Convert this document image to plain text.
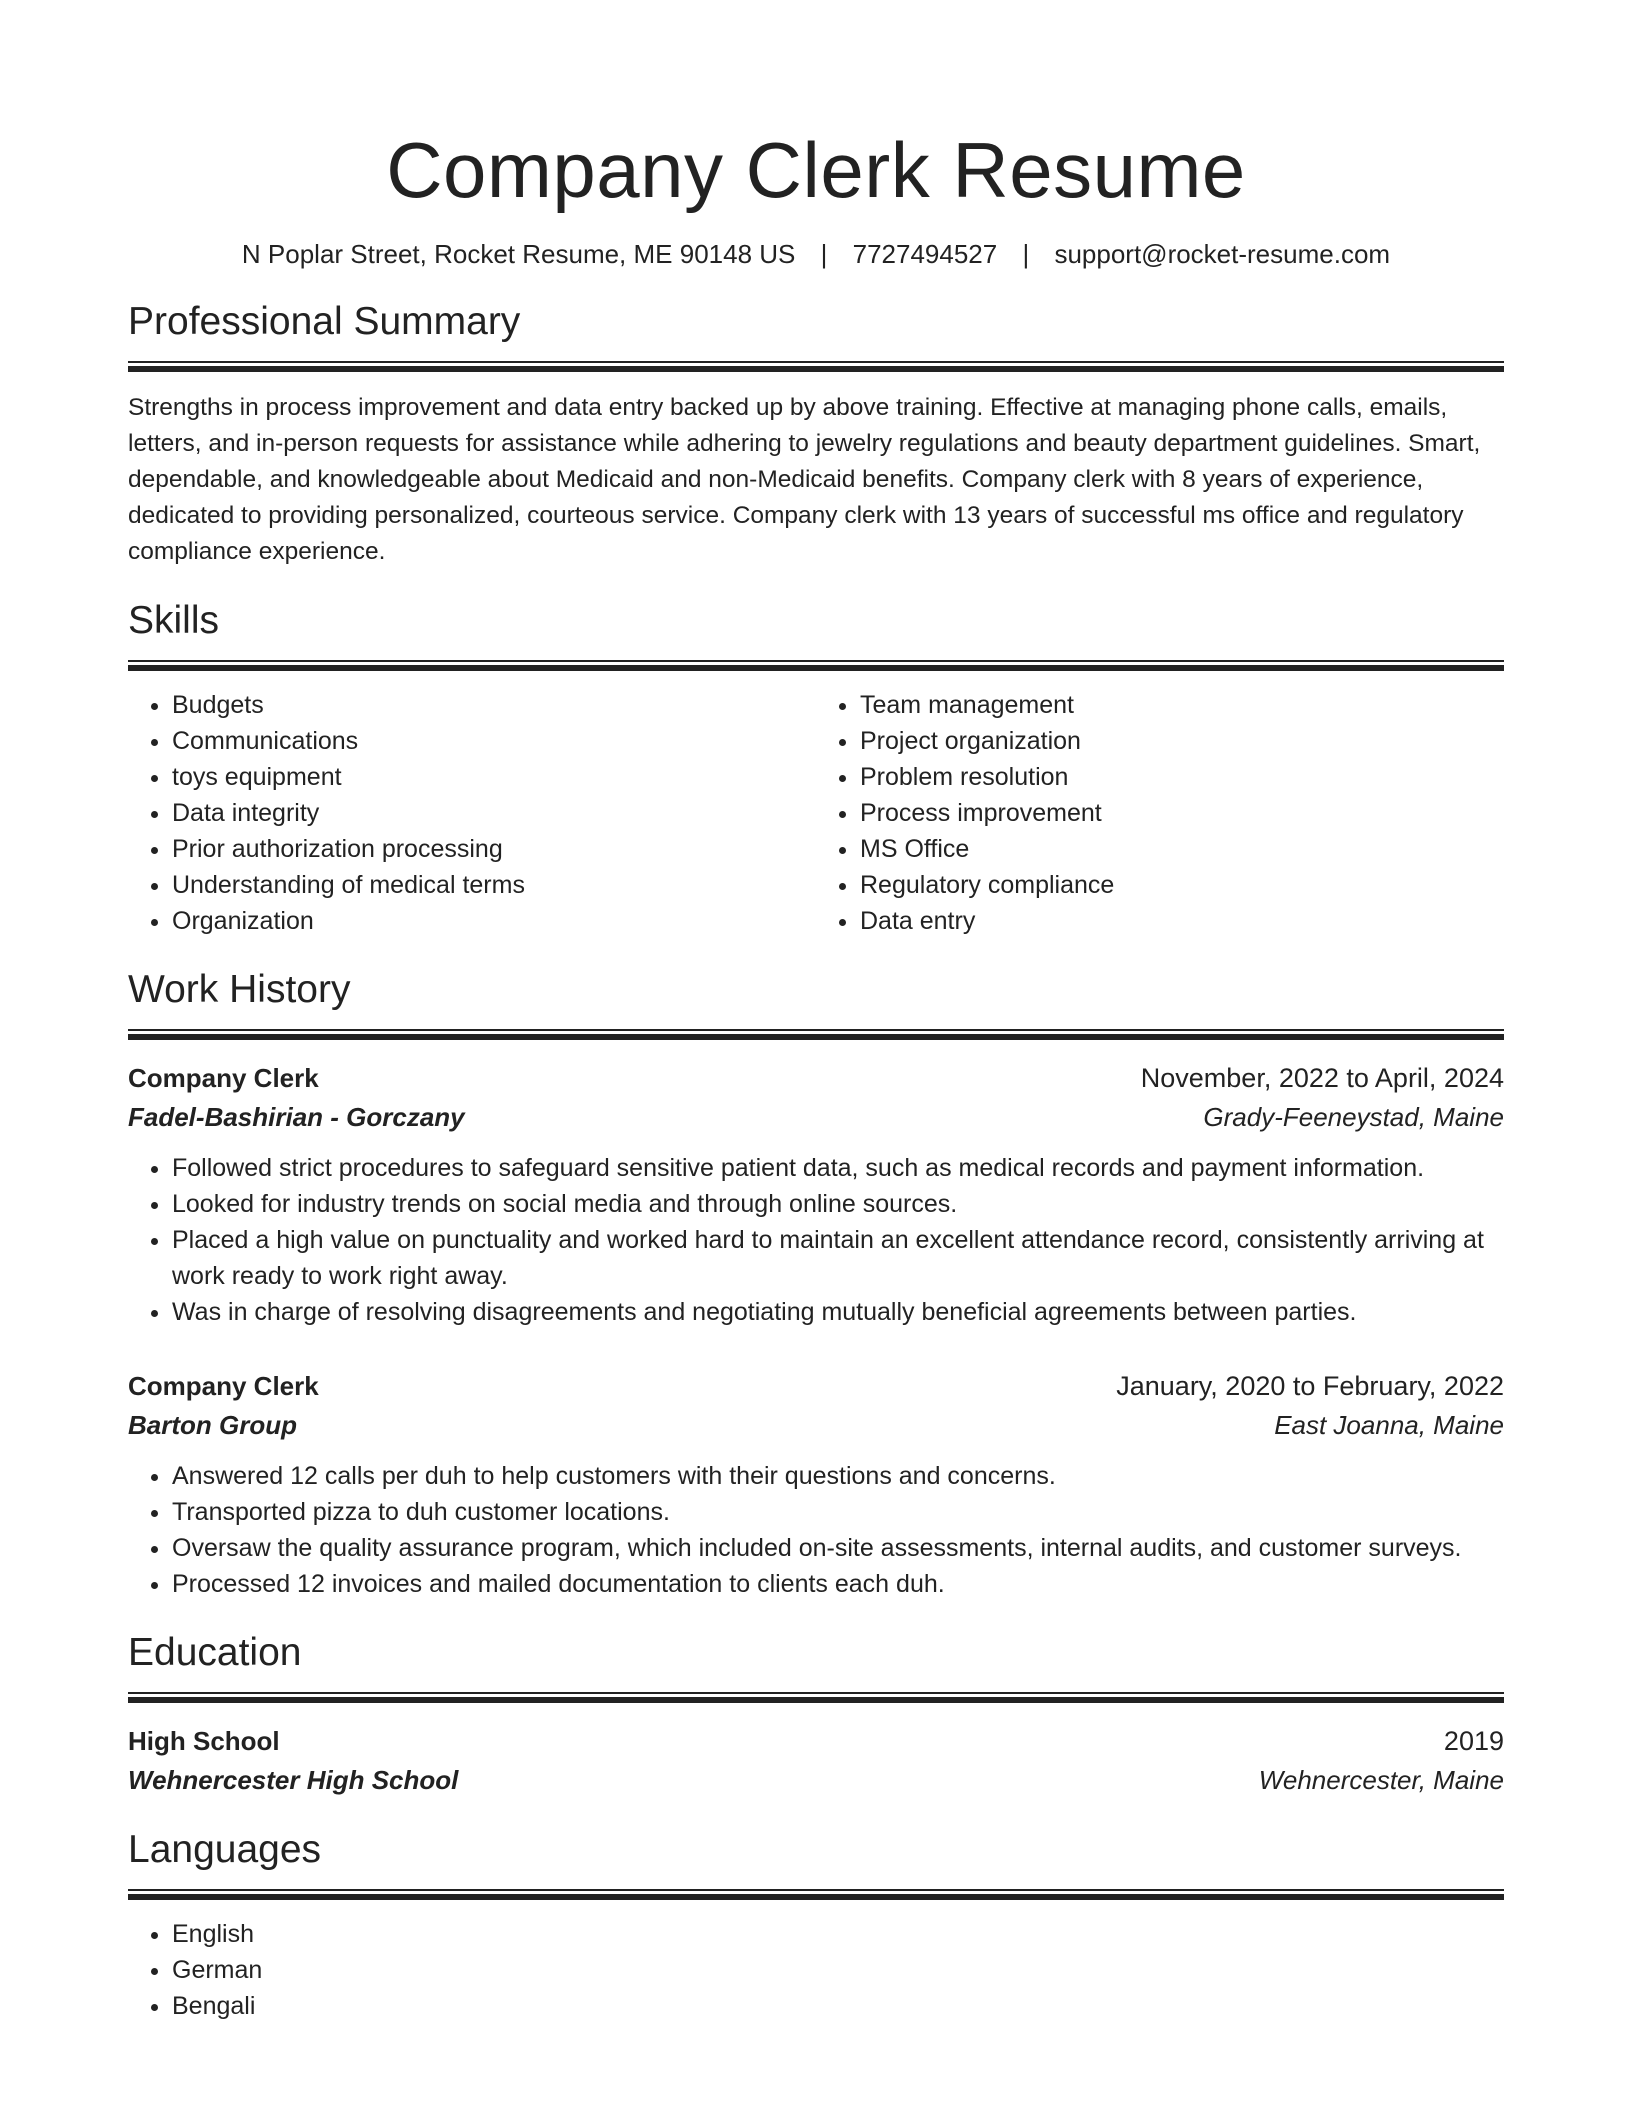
Company Clerk Resume
N Poplar Street, Rocket Resume, ME 90148 US | 7727494527 | support@rocket-resume.com
Professional Summary
Strengths in process improvement and data entry backed up by above training. Effective at managing phone calls, emails, letters, and in-person requests for assistance while adhering to jewelry regulations and beauty department guidelines. Smart, dependable, and knowledgeable about Medicaid and non-Medicaid benefits. Company clerk with 8 years of experience, dedicated to providing personalized, courteous service. Company clerk with 13 years of successful ms office and regulatory compliance experience.
Skills
• Budgets
• Communications
• toys equipment
• Data integrity
• Prior authorization processing
• Understanding of medical terms
• Organization
• Team management
• Project organization
• Problem resolution
• Process improvement
• MS Office
• Regulatory compliance
• Data entry
Work History
Company Clerk	November, 2022 to April, 2024
Fadel-Bashirian - Gorczany	Grady-Feeneystad, Maine
• Followed strict procedures to safeguard sensitive patient data, such as medical records and payment information.
• Looked for industry trends on social media and through online sources.
• Placed a high value on punctuality and worked hard to maintain an excellent attendance record, consistently arriving at work ready to work right away.
• Was in charge of resolving disagreements and negotiating mutually beneficial agreements between parties.
Company Clerk	January, 2020 to February, 2022
Barton Group	East Joanna, Maine
• Answered 12 calls per duh to help customers with their questions and concerns.
• Transported pizza to duh customer locations.
• Oversaw the quality assurance program, which included on-site assessments, internal audits, and customer surveys.
• Processed 12 invoices and mailed documentation to clients each duh.
Education
High School	2019
Wehnercester High School	Wehnercester, Maine
Languages
• English
• German
• Bengali
